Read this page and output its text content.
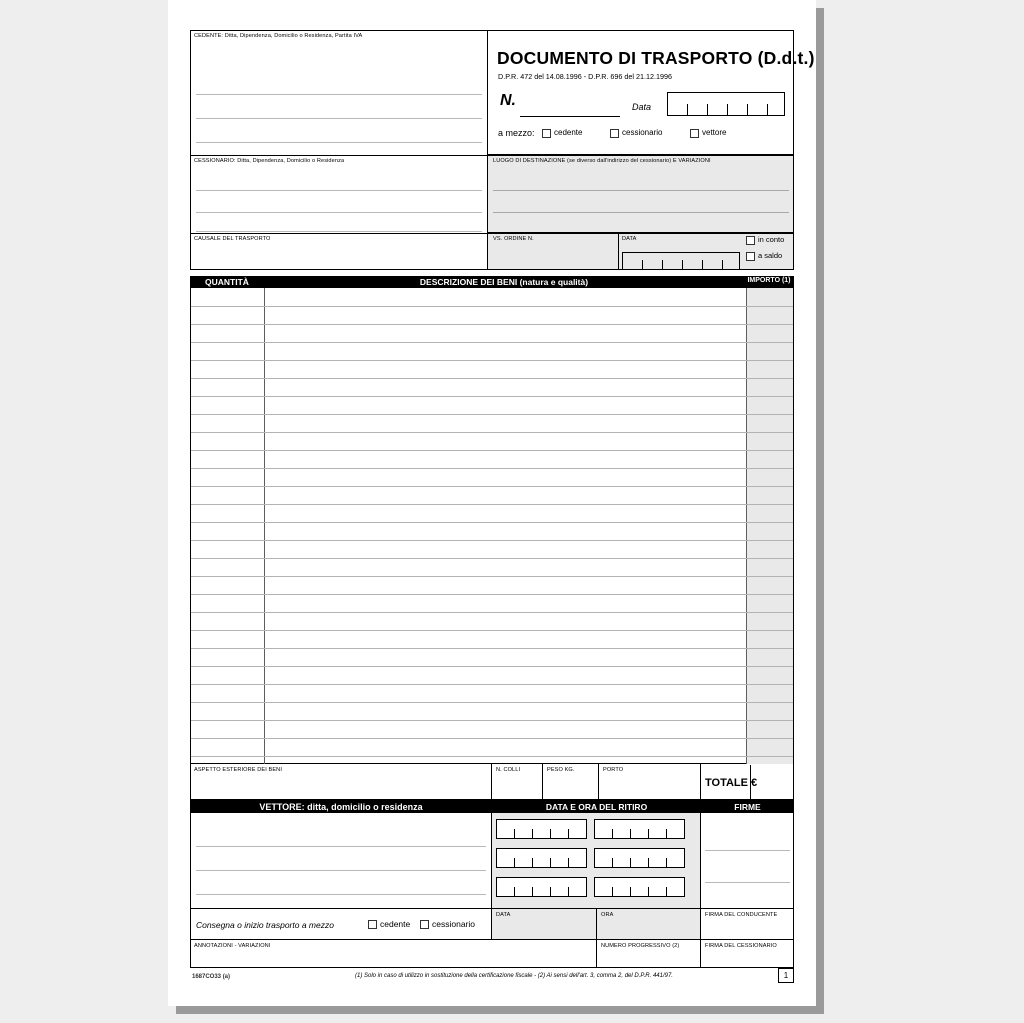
CEDENTE: Ditta, Dipendenza, Domicilio o Residenza, Partita IVA
DOCUMENTO DI TRASPORTO (D.d.t.)
D.P.R. 472 del 14.08.1996 - D.P.R. 696 del 21.12.1996
N.	Data
a mezzo: cedente	cessionario	vettore
CESSIONARIO: Ditta, Dipendenza, Domicilio o Residenza	LUOGO DI DESTINAZIONE (se diverso dall'indirizzo del cessionario) E VARIAZIONI
CAUSALE DEL TRASPORTO	VS. ORDINE N.	DATA	in conto
a saldo
QUANTITÀ	DESCRIZIONE DEI BENI (natura e qualità)	IMPORTO (1)
ASPETTO ESTERIORE DEI BENI	N. COLLI	PESO KG.	PORTO
TOTALE €
VETTORE: ditta, domicilio o residenza	DATA E ORA DEL RITIRO	FIRME
Consegna o inizio trasporto a mezzo	cedente	cessionario
DATA	ORA	FIRMA DEL CONDUCENTE
ANNOTAZIONI - VARIAZIONI	NUMERO PROGRESSIVO (2)	FIRMA DEL CESSIONARIO
1687CO33 (a)	(1) Solo in caso di utilizzo in sostituzione della certificazione fiscale - (2) Ai sensi dell'art. 3, comma 2, del D.P.R. 441/97.	1
